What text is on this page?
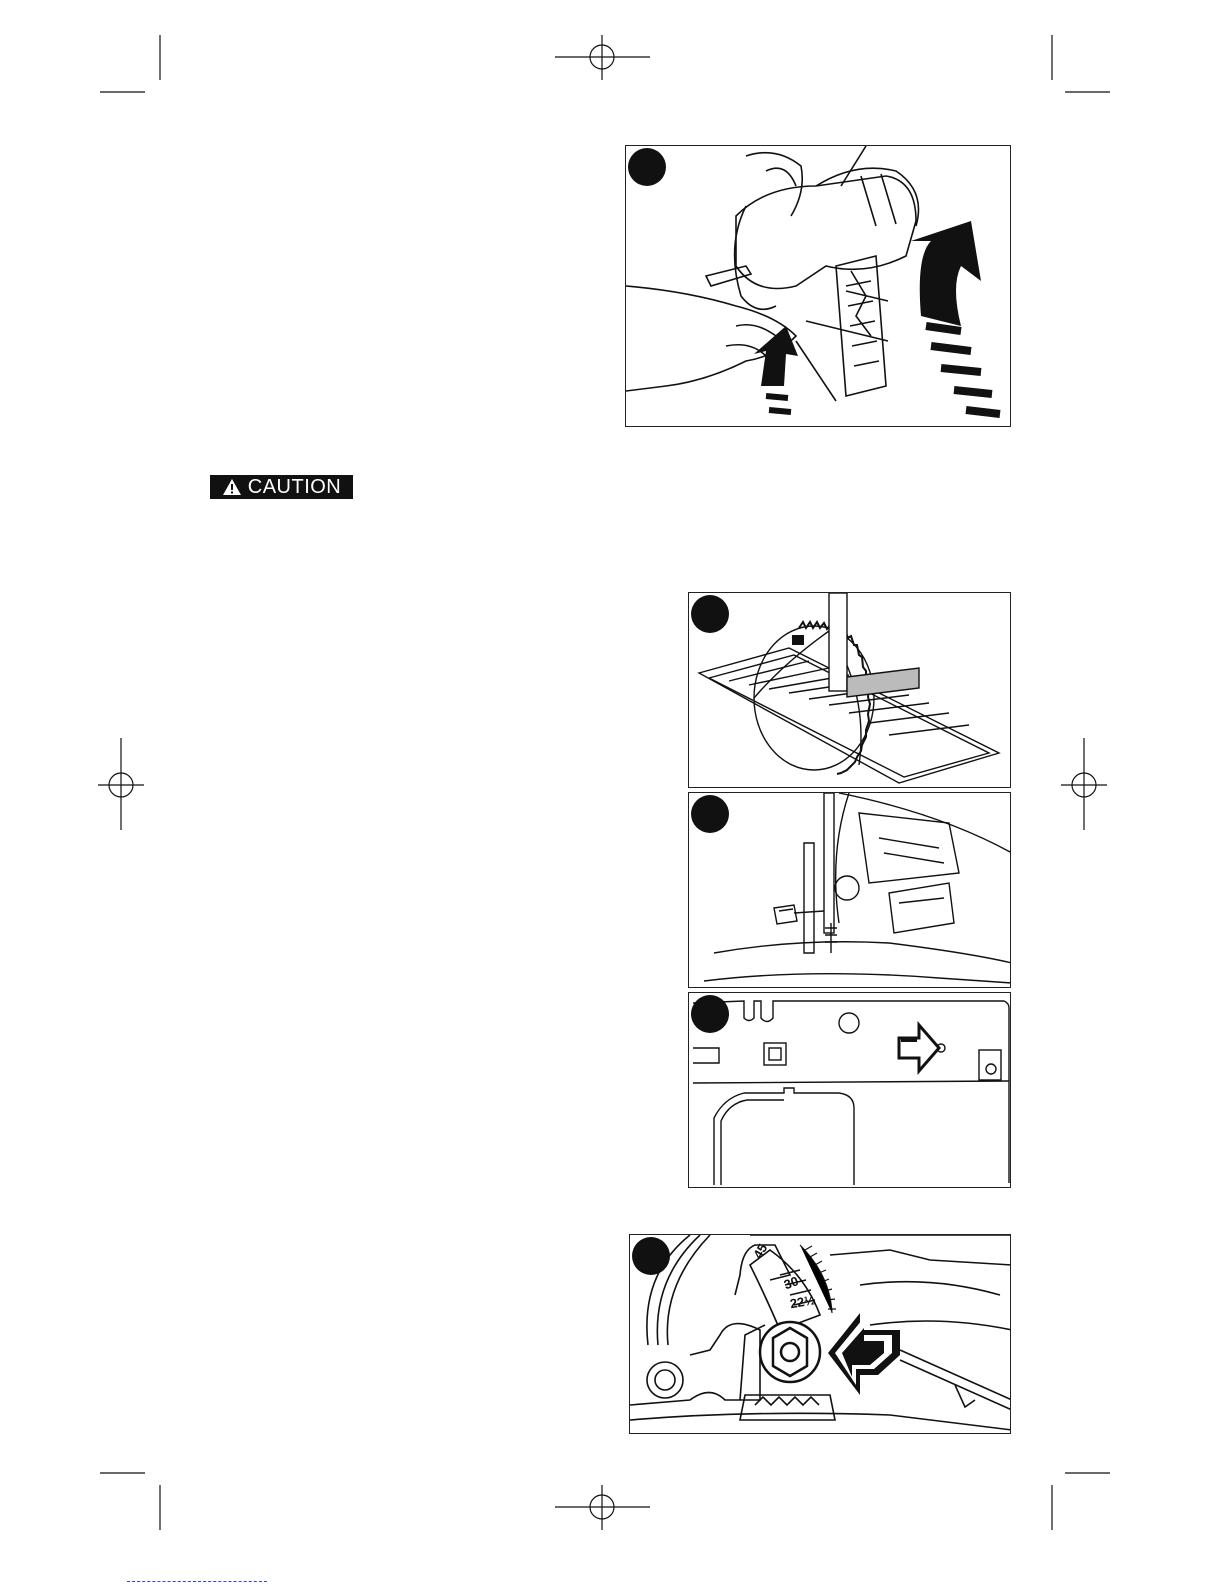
CAUTION
45
30
22½
